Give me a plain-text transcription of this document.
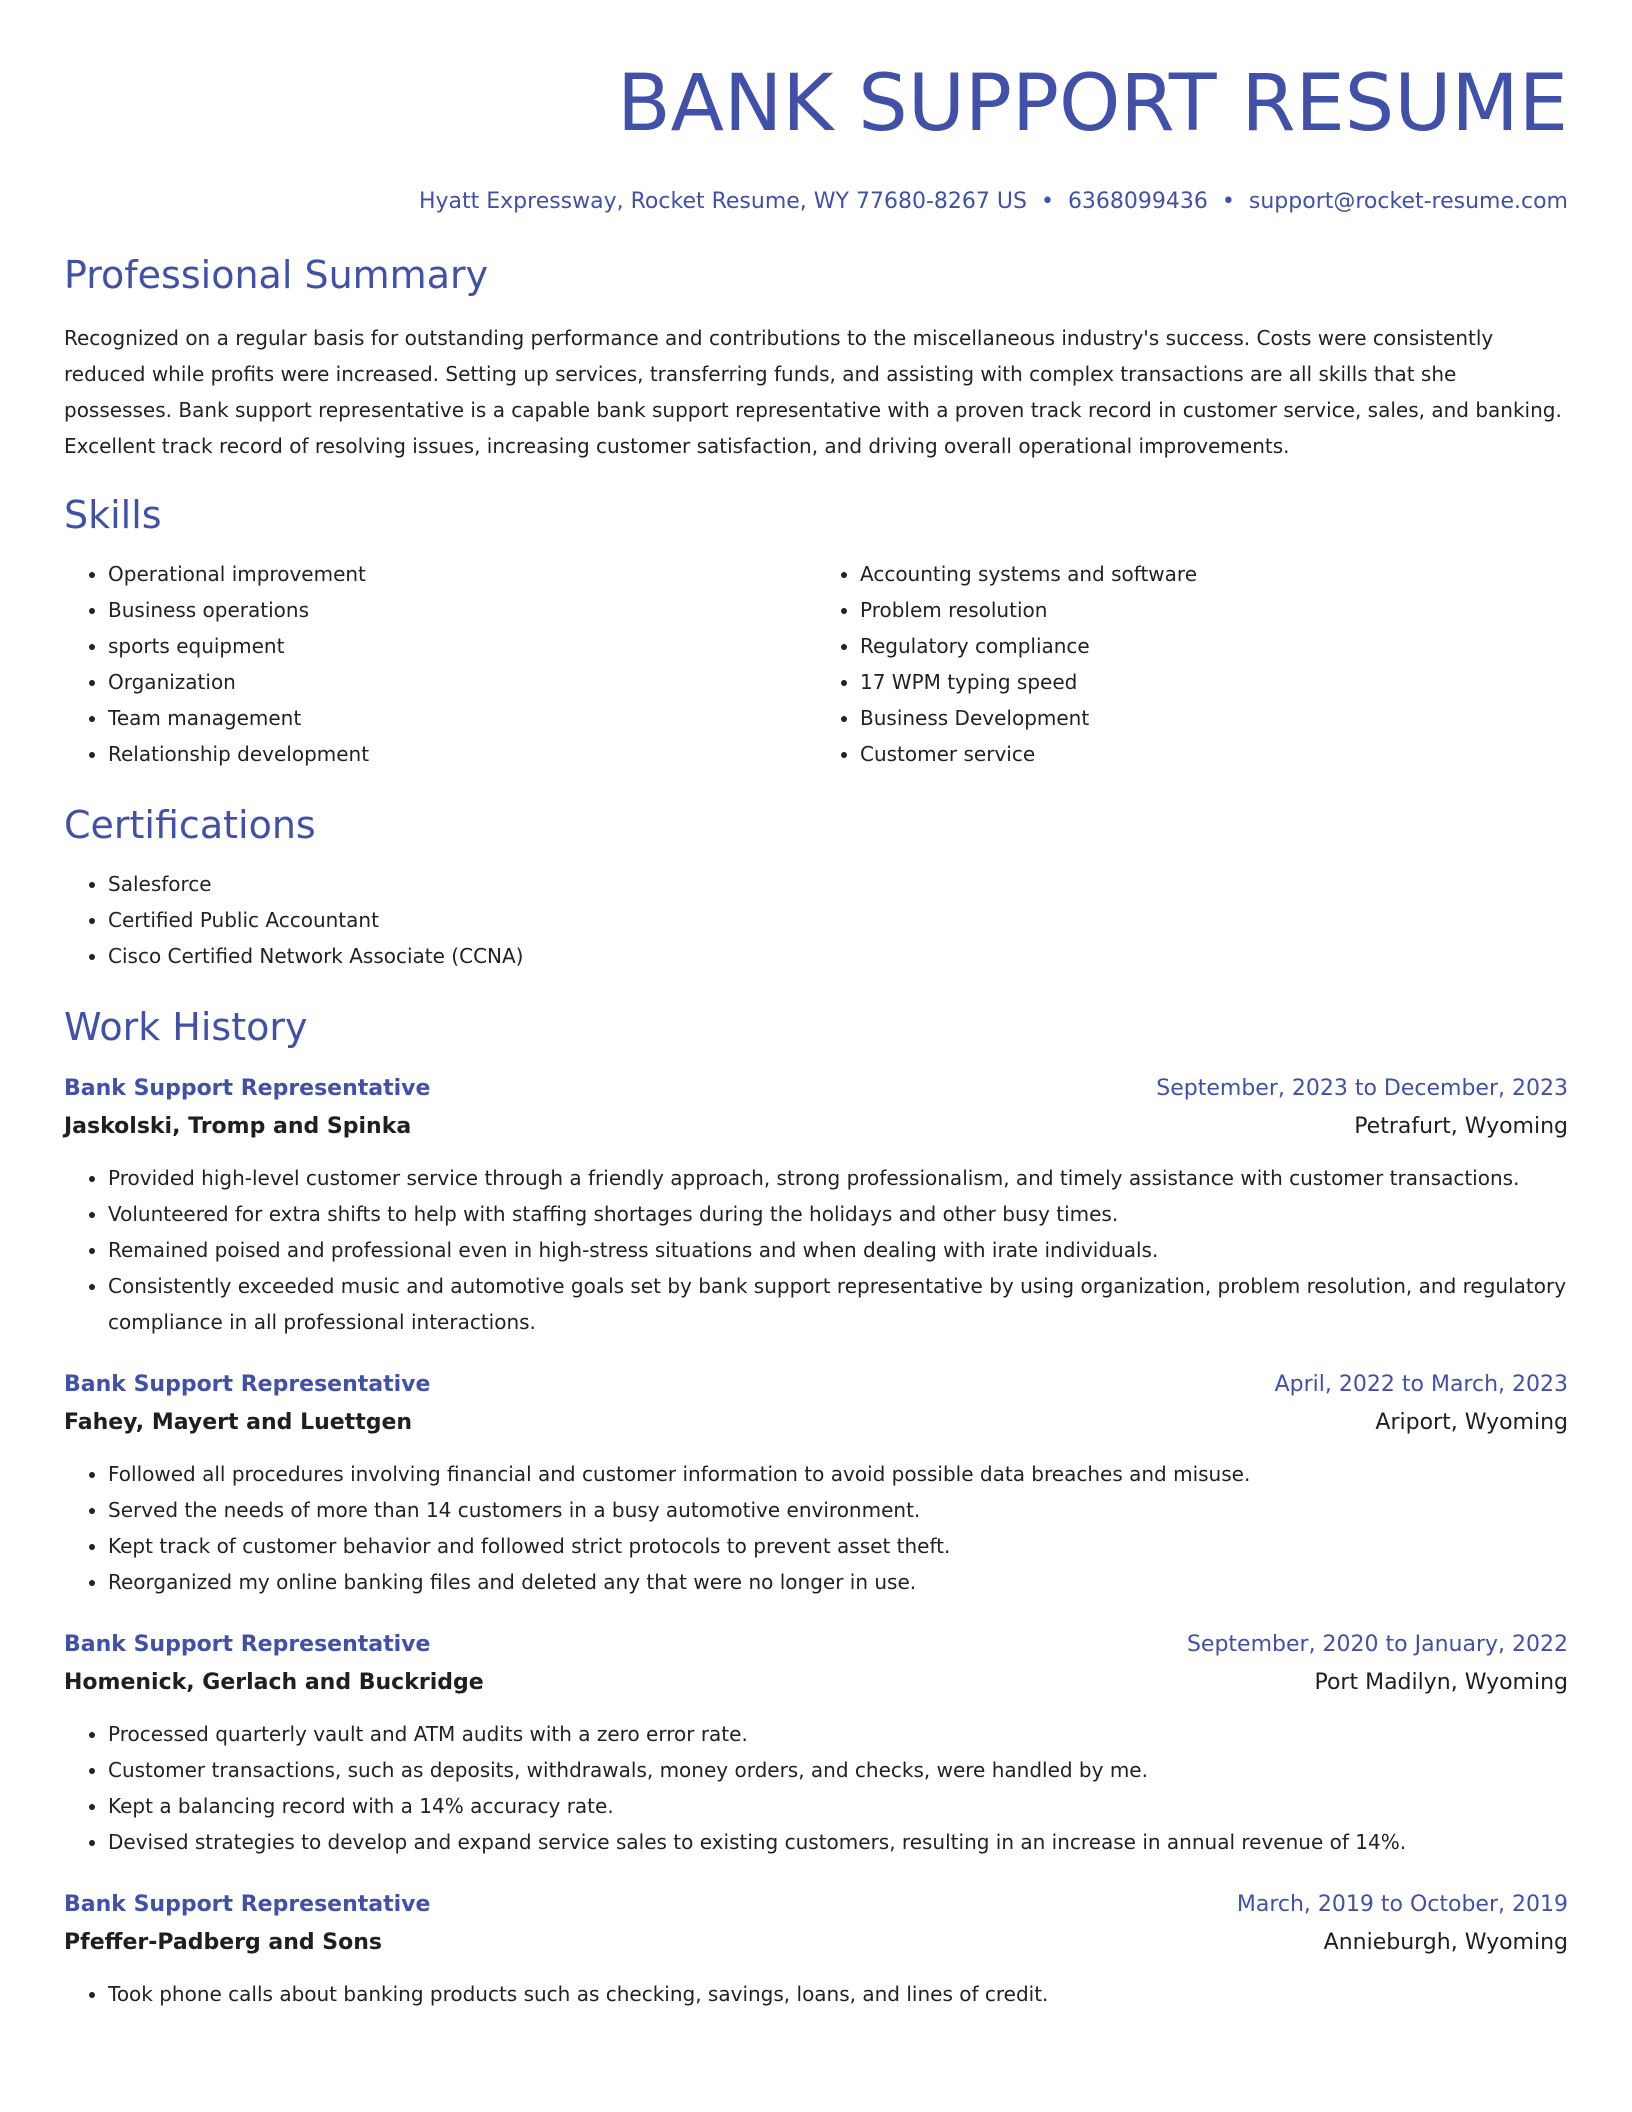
BANK SUPPORT RESUME
Hyatt Expressway, Rocket Resume, WY 77680-8267 US • 6368099436 • support@rocket-resume.com
Professional Summary
Recognized on a regular basis for outstanding performance and contributions to the miscellaneous industry's success. Costs were consistently reduced while profits were increased. Setting up services, transferring funds, and assisting with complex transactions are all skills that she possesses. Bank support representative is a capable bank support representative with a proven track record in customer service, sales, and banking. Excellent track record of resolving issues, increasing customer satisfaction, and driving overall operational improvements.
Skills
• Operational improvement
• Business operations
• sports equipment
• Organization
• Team management
• Relationship development
• Accounting systems and software
• Problem resolution
• Regulatory compliance
• 17 WPM typing speed
• Business Development
• Customer service
Certifications
• Salesforce
• Certified Public Accountant
• Cisco Certified Network Associate (CCNA)
Work History
Bank Support Representative	September, 2023 to December, 2023
Jaskolski, Tromp and Spinka	Petrafurt, Wyoming
• Provided high-level customer service through a friendly approach, strong professionalism, and timely assistance with customer transactions.
• Volunteered for extra shifts to help with staffing shortages during the holidays and other busy times.
• Remained poised and professional even in high-stress situations and when dealing with irate individuals.
• Consistently exceeded music and automotive goals set by bank support representative by using organization, problem resolution, and regulatory compliance in all professional interactions.
Bank Support Representative	April, 2022 to March, 2023
Fahey, Mayert and Luettgen	Ariport, Wyoming
• Followed all procedures involving financial and customer information to avoid possible data breaches and misuse.
• Served the needs of more than 14 customers in a busy automotive environment.
• Kept track of customer behavior and followed strict protocols to prevent asset theft.
• Reorganized my online banking files and deleted any that were no longer in use.
Bank Support Representative	September, 2020 to January, 2022
Homenick, Gerlach and Buckridge	Port Madilyn, Wyoming
• Processed quarterly vault and ATM audits with a zero error rate.
• Customer transactions, such as deposits, withdrawals, money orders, and checks, were handled by me.
• Kept a balancing record with a 14% accuracy rate.
• Devised strategies to develop and expand service sales to existing customers, resulting in an increase in annual revenue of 14%.
Bank Support Representative	March, 2019 to October, 2019
Pfeffer-Padberg and Sons	Annieburgh, Wyoming
• Took phone calls about banking products such as checking, savings, loans, and lines of credit.
